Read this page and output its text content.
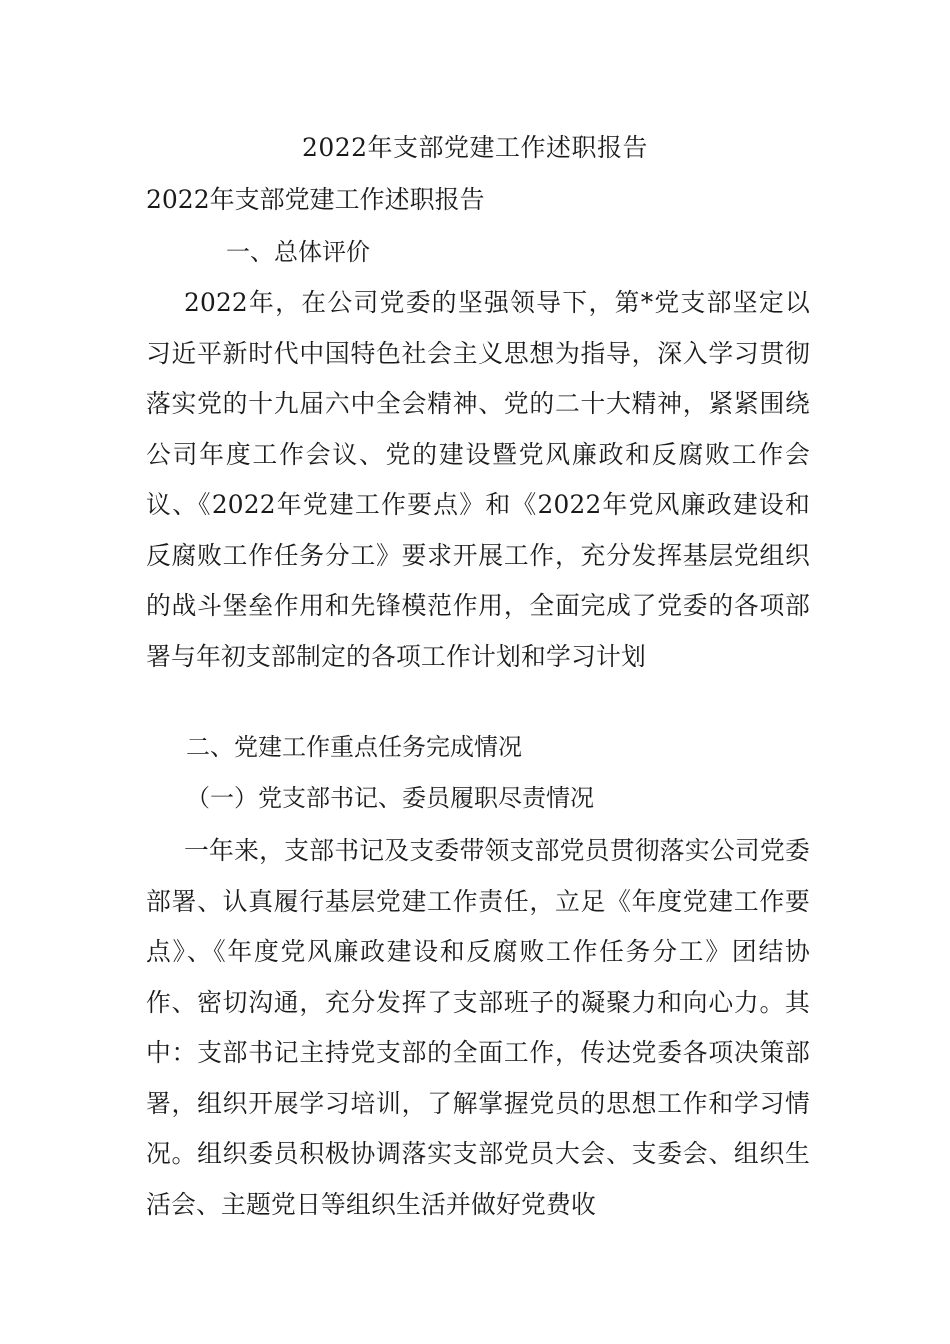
2022年支部党建工作述职报告
2022年支部党建工作述职报告
一、总体评价

2022年，在公司党委的坚强领导下，第*党支部坚定以习近平新时代中国特色社会主义思想为指导，深入学习贯彻落实党的十九届六中全会精神、党的二十大精神，紧紧围绕公司年度工作会议、党的建设暨党风廉政和反腐败工作会议、《2022年党建工作要点》和《2022年党风廉政建设和反腐败工作任务分工》要求开展工作，充分发挥基层党组织的战斗堡垒作用和先锋模范作用，全面完成了党委的各项部署与年初支部制定的各项工作计划和学习计划

二、党建工作重点任务完成情况
（一）党支部书记、委员履职尽责情况

一年来，支部书记及支委带领支部党员贯彻落实公司党委部署、认真履行基层党建工作责任，立足《年度党建工作要点》、《年度党风廉政建设和反腐败工作任务分工》团结协作、密切沟通，充分发挥了支部班子的凝聚力和向心力。其中：支部书记主持党支部的全面工作，传达党委各项决策部署，组织开展学习培训，了解掌握党员的思想工作和学习情况。组织委员积极协调落实支部党员大会、支委会、组织生活会、主题党日等组织生活并做好党费收
